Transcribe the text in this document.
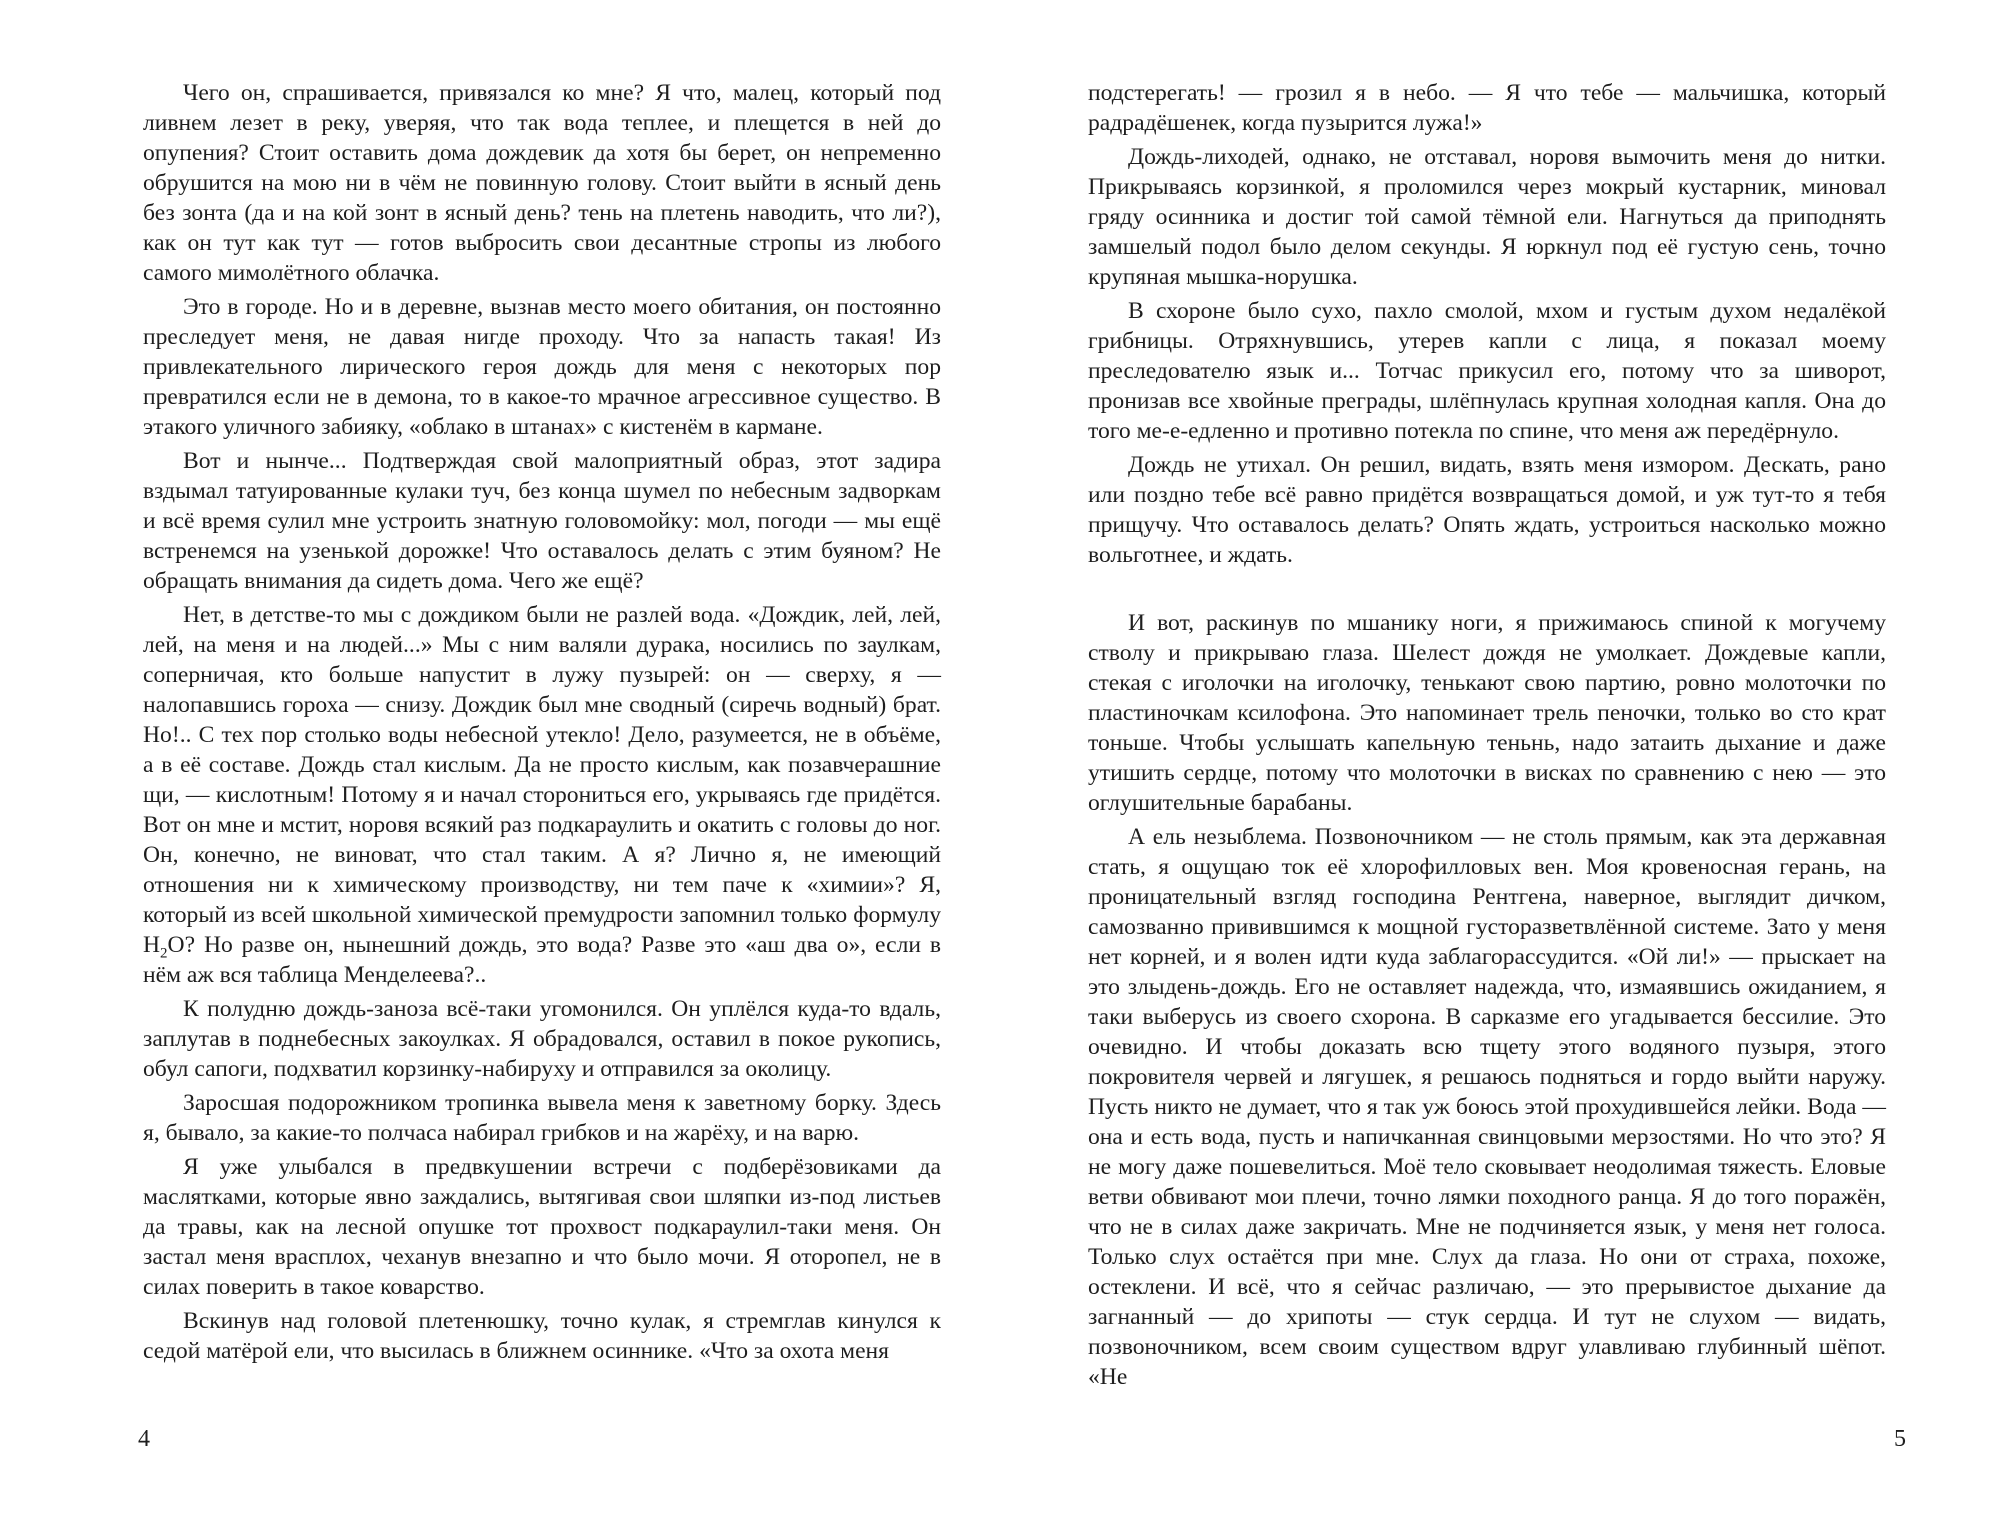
Чего он, спрашивается, привязался ко мне? Я что, малец, который под ливнем лезет в реку, уверяя, что так вода теплее, и плещется в ней до опупения? Стоит оставить дома дождевик да хотя бы берет, он непременно обрушится на мою ни в чём не повинную голову. Стоит выйти в ясный день без зонта (да и на кой зонт в ясный день? тень на плетень наводить, что ли?), как он тут как тут — готов выбросить свои десантные стропы из любого самого мимолётного облачка.

Это в городе. Но и в деревне, вызнав место моего обитания, он постоянно преследует меня, не давая нигде проходу. Что за напасть такая! Из привлекательного лирического героя дождь для меня с некоторых пор превратился если не в демона, то в какое-то мрачное агрессивное существо. В этакого уличного забияку, «облако в штанах» с кистенём в кармане.

Вот и нынче... Подтверждая свой малоприятный образ, этот задира вздымал татуированные кулаки туч, без конца шумел по небесным задворкам и всё время сулил мне устроить знатную головомойку: мол, погоди — мы ещё встренемся на узенькой дорожке! Что оставалось делать с этим буяном? Не обращать внимания да сидеть дома. Чего же ещё?

Нет, в детстве-то мы с дождиком были не разлей вода. «Дождик, лей, лей, лей, на меня и на людей...» Мы с ним валяли дурака, носились по заулкам, соперничая, кто больше напустит в лужу пузырей: он — сверху, я — налопавшись гороха — снизу. Дождик был мне сводный (сиречь водный) брат. Но!.. С тех пор столько воды небесной утекло! Дело, разумеется, не в объёме, а в её составе. Дождь стал кислым. Да не просто кислым, как позавчерашние щи, — кислотным! Потому я и начал сторониться его, укрываясь где придётся. Вот он мне и мстит, норовя всякий раз подкараулить и окатить с головы до ног. Он, конечно, не виноват, что стал таким. А я? Лично я, не имеющий отношения ни к химическому производству, ни тем паче к «химии»? Я, который из всей школьной химической премудрости запомнил только формулу $H_2O$? Но разве он, нынешний дождь, это вода? Разве это «аш два о», если в нём аж вся таблица Менделеева?..

К полудню дождь-заноза всё-таки угомонился. Он уплёлся куда-то вдаль, заплутав в поднебесных закоулках. Я обрадовался, оставил в покое рукопись, обул сапоги, подхватил корзинку-набируху и отправился за околицу.

Заросшая подорожником тропинка вывела меня к заветному борку. Здесь я, бывало, за какие-то полчаса набирал грибков и на жарёху, и на варю.

Я уже улыбался в предвкушении встречи с подберёзовиками да маслятками, которые явно заждались, вытягивая свои шляпки из-под листьев да травы, как на лесной опушке тот прохвост подкараулил-таки меня. Он застал меня врасплох, чеханув внезапно и что было мочи. Я оторопел, не в силах поверить в такое коварство.

Вскинув над головой плетенюшку, точно кулак, я стремглав кинулся к седой матёрой ели, что высилась в ближнем осиннике. «Что за охота меня

подстерегать! — грозил я в небо. — Я что тебе — мальчишка, который радрадёшенек, когда пузырится лужа!»

Дождь-лиходей, однако, не отставал, норовя вымочить меня до нитки. Прикрываясь корзинкой, я проломился через мокрый кустарник, миновал гряду осинника и достиг той самой тёмной ели. Нагнуться да приподнять замшелый подол было делом секунды. Я юркнул под её густую сень, точно крупяная мышка-норушка.

В схороне было сухо, пахло смолой, мхом и густым духом недалёкой грибницы. Отряхнувшись, утерев капли с лица, я показал моему преследователю язык и... Тотчас прикусил его, потому что за шиворот, пронизав все хвойные преграды, шлёпнулась крупная холодная капля. Она до того ме-е-едленно и противно потекла по спине, что меня аж передёрнуло.

Дождь не утихал. Он решил, видать, взять меня измором. Дескать, рано или поздно тебе всё равно придётся возвращаться домой, и уж тут-то я тебя прищучу. Что оставалось делать? Опять ждать, устроиться насколько можно вольготнее, и ждать.

И вот, раскинув по мшанику ноги, я прижимаюсь спиной к могучему стволу и прикрываю глаза. Шелест дождя не умолкает. Дождевые капли, стекая с иголочки на иголочку, тенькают свою партию, ровно молоточки по пластиночкам ксилофона. Это напоминает трель пеночки, только во сто крат тоньше. Чтобы услышать капельную теньнь, надо затаить дыхание и даже утишить сердце, потому что молоточки в висках по сравнению с нею — это оглушительные барабаны.

А ель незыблема. Позвоночником — не столь прямым, как эта державная стать, я ощущаю ток её хлорофилловых вен. Моя кровеносная герань, на проницательный взгляд господина Рентгена, наверное, выглядит дичком, самозванно привившимся к мощной густоразветвлённой системе. Зато у меня нет корней, и я волен идти куда заблагорассудится. «Ой ли!» — прыскает на это злыдень-дождь. Его не оставляет надежда, что, измаявшись ожиданием, я таки выберусь из своего схорона. В сарказме его угадывается бессилие. Это очевидно. И чтобы доказать всю тщету этого водяного пузыря, этого покровителя червей и лягушек, я решаюсь подняться и гордо выйти наружу. Пусть никто не думает, что я так уж боюсь этой прохудившейся лейки. Вода — она и есть вода, пусть и напичканная свинцовыми мерзостями. Но что это? Я не могу даже пошевелиться. Моё тело сковывает неодолимая тяжесть. Еловые ветви обвивают мои плечи, точно лямки походного ранца. Я до того поражён, что не в силах даже закричать. Мне не подчиняется язык, у меня нет голоса. Только слух остаётся при мне. Слух да глаза. Но они от страха, похоже, остеклени. И всё, что я сейчас различаю, — это прерывистое дыхание да загнанный — до хрипоты — стук сердца. И тут не слухом — видать, позвоночником, всем своим существом вдруг улавливаю глубинный шёпот. «Не

4	5
